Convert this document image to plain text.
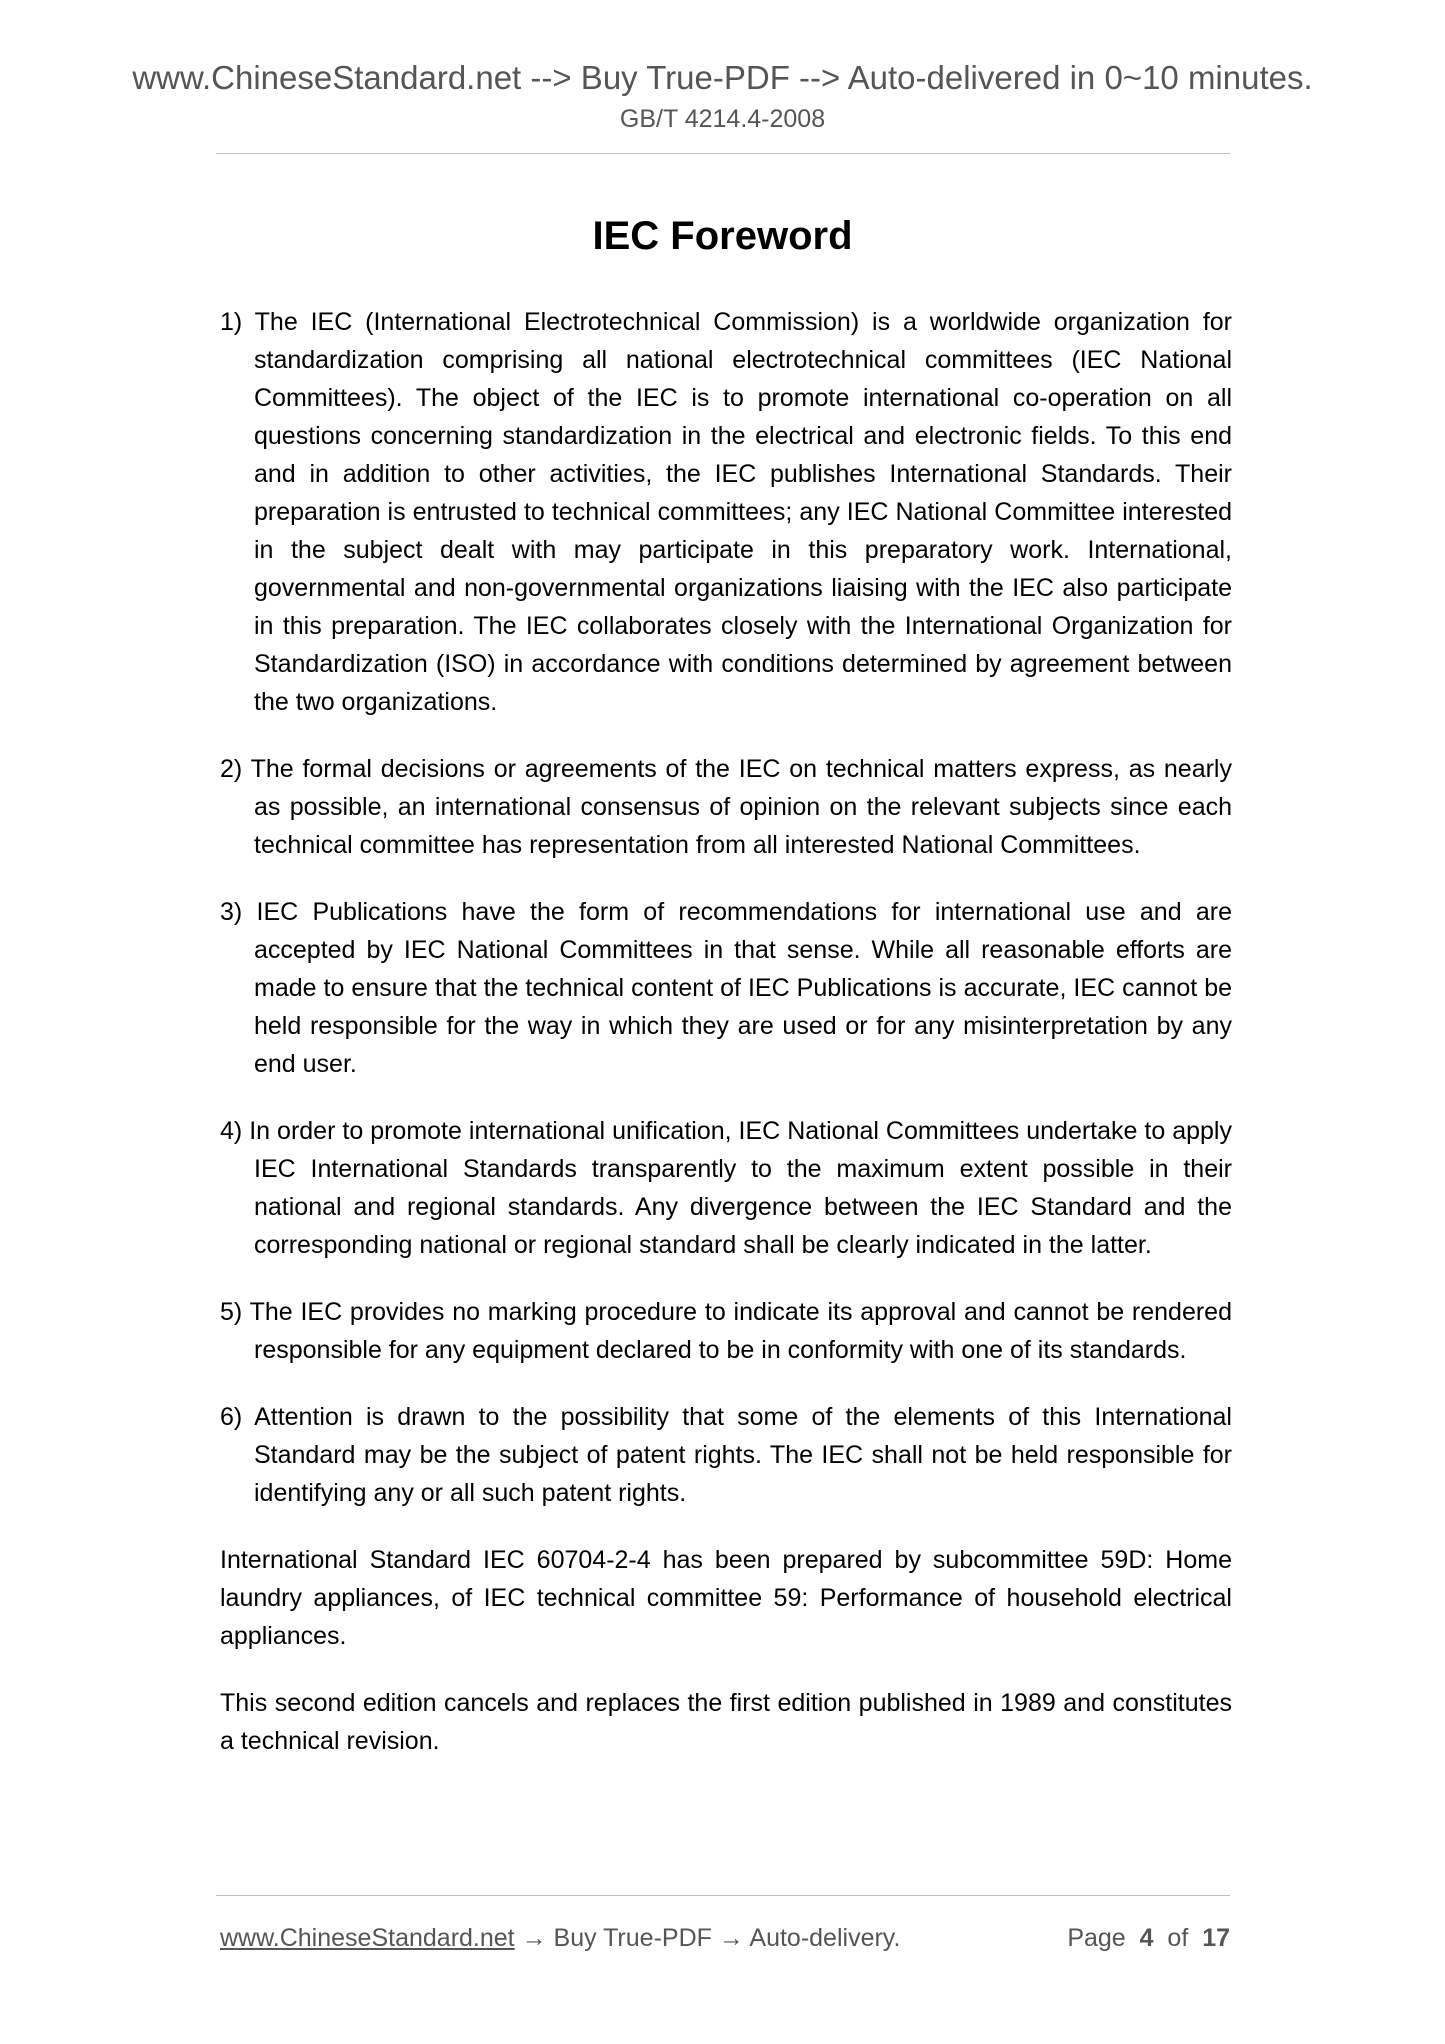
www.ChineseStandard.net --> Buy True-PDF --> Auto-delivered in 0~10 minutes.
GB/T 4214.4-2008
IEC Foreword

1) The IEC (International Electrotechnical Commission) is a worldwide organization for standardization comprising all national electrotechnical committees (IEC National Committees). The object of the IEC is to promote international co-operation on all questions concerning standardization in the electrical and electronic fields. To this end and in addition to other activities, the IEC publishes International Standards. Their preparation is entrusted to technical committees; any IEC National Committee interested in the subject dealt with may participate in this preparatory work. International, governmental and non-governmental organizations liaising with the IEC also participate in this preparation. The IEC collaborates closely with the International Organization for Standardization (ISO) in accordance with conditions determined by agreement between the two organizations.

2) The formal decisions or agreements of the IEC on technical matters express, as nearly as possible, an international consensus of opinion on the relevant subjects since each technical committee has representation from all interested National Committees.

3) IEC Publications have the form of recommendations for international use and are accepted by IEC National Committees in that sense. While all reasonable efforts are made to ensure that the technical content of IEC Publications is accurate, IEC cannot be held responsible for the way in which they are used or for any misinterpretation by any end user.

4) In order to promote international unification, IEC National Committees undertake to apply IEC International Standards transparently to the maximum extent possible in their national and regional standards. Any divergence between the IEC Standard and the corresponding national or regional standard shall be clearly indicated in the latter.

5) The IEC provides no marking procedure to indicate its approval and cannot be rendered responsible for any equipment declared to be in conformity with one of its standards.

6) Attention is drawn to the possibility that some of the elements of this International Standard may be the subject of patent rights. The IEC shall not be held responsible for identifying any or all such patent rights.

International Standard IEC 60704-2-4 has been prepared by subcommittee 59D: Home laundry appliances, of IEC technical committee 59: Performance of household electrical appliances.

This second edition cancels and replaces the first edition published in 1989 and constitutes a technical revision.

www.ChineseStandard.net → Buy True-PDF → Auto-delivery.	Page 4 of 17
